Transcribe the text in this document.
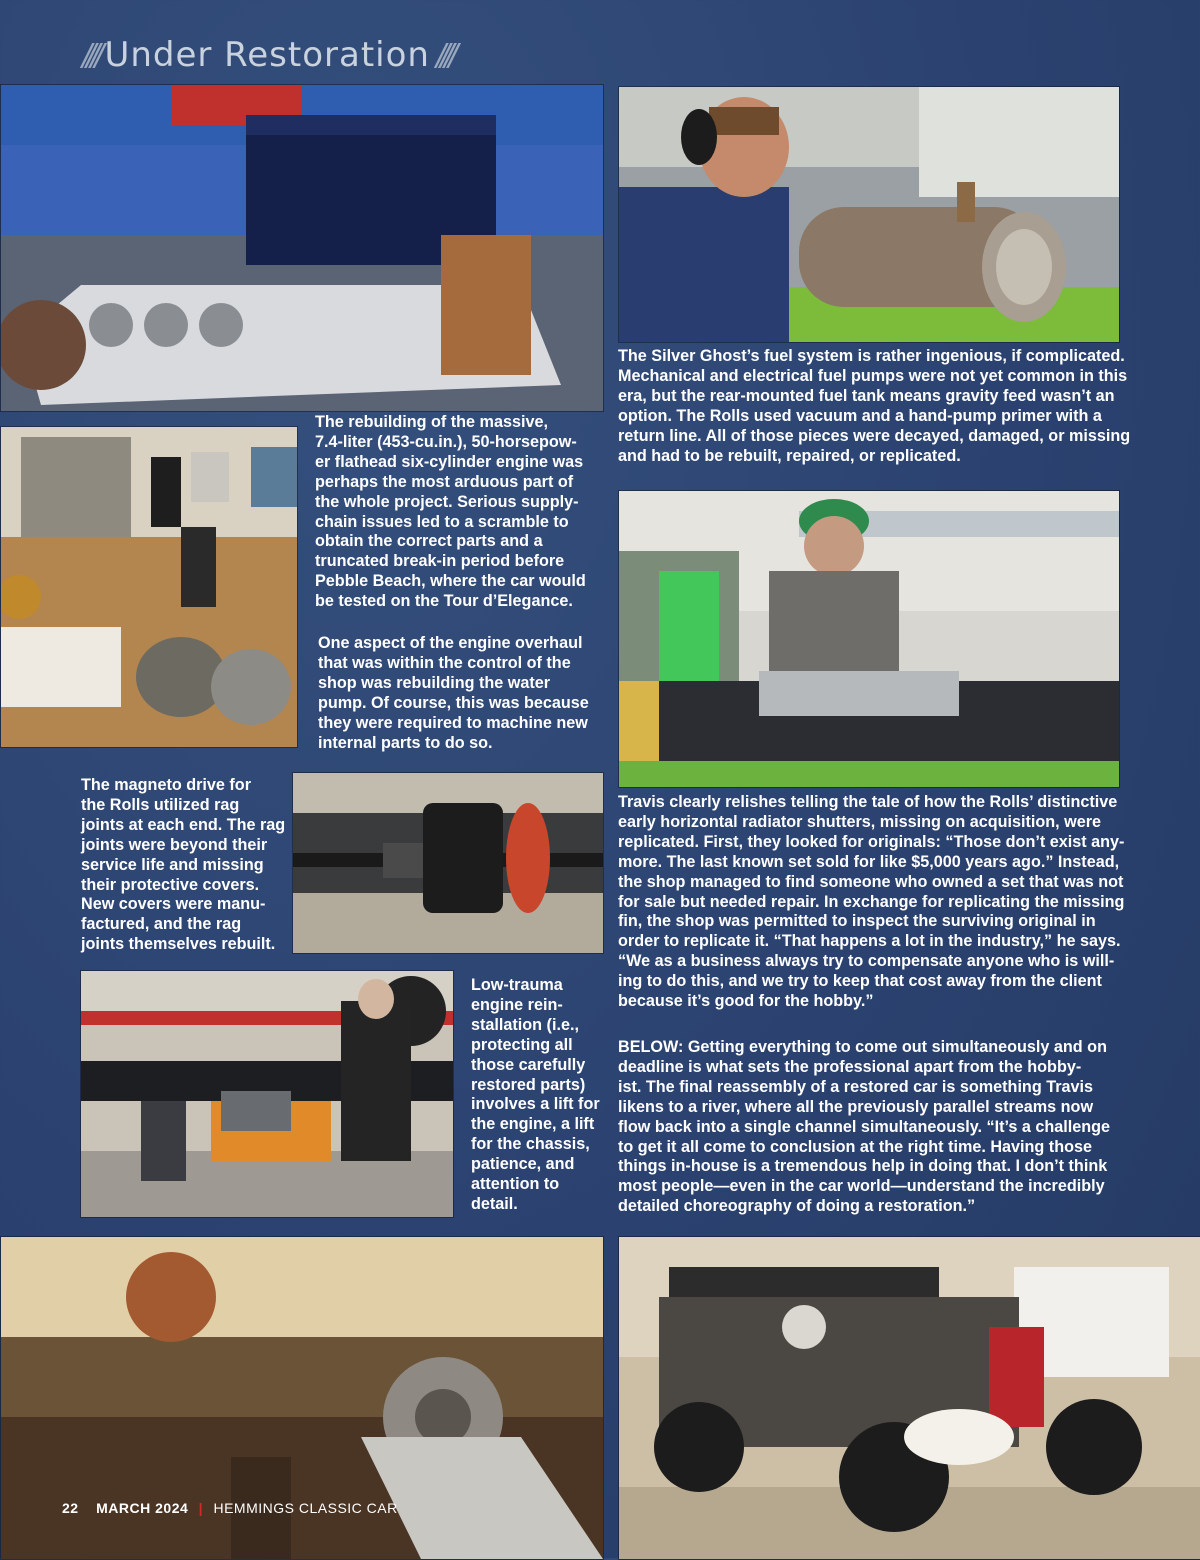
//// Under Restoration ////

The rebuilding of the massive,
7.4-liter (453-cu.in.), 50-horsepow-
er flathead six-cylinder engine was
perhaps the most arduous part of
the whole project. Serious supply-
chain issues led to a scramble to
obtain the correct parts and a
truncated break-in period before
Pebble Beach, where the car would
be tested on the Tour d’Elegance.

One aspect of the engine overhaul
that was within the control of the
shop was rebuilding the water
pump. Of course, this was because
they were required to machine new
internal parts to do so.

The Silver Ghost’s fuel system is rather ingenious, if complicated.
Mechanical and electrical fuel pumps were not yet common in this
era, but the rear-mounted fuel tank means gravity feed wasn’t an
option. The Rolls used vacuum and a hand-pump primer with a
return line. All of those pieces were decayed, damaged, or missing
and had to be rebuilt, repaired, or replicated.

The magneto drive for
the Rolls utilized rag
joints at each end. The rag
joints were beyond their
service life and missing
their protective covers.
New covers were manu-
factured, and the rag
joints themselves rebuilt.

Low-trauma
engine rein-
stallation (i.e.,
protecting all
those carefully
restored parts)
involves a lift for
the engine, a lift
for the chassis,
patience, and
attention to
detail.

Travis clearly relishes telling the tale of how the Rolls’ distinctive
early horizontal radiator shutters, missing on acquisition, were
replicated. First, they looked for originals: “Those don’t exist any-
more. The last known set sold for like $5,000 years ago.” Instead,
the shop managed to find someone who owned a set that was not
for sale but needed repair. In exchange for replicating the missing
fin, the shop was permitted to inspect the surviving original in
order to replicate it. “That happens a lot in the industry,” he says.
“We as a business always try to compensate anyone who is will-
ing to do this, and we try to keep that cost away from the client
because it’s good for the hobby.”

BELOW: Getting everything to come out simultaneously and on
deadline is what sets the professional apart from the hobby-
ist. The final reassembly of a restored car is something Travis
likens to a river, where all the previously parallel streams now
flow back into a single channel simultaneously. “It’s a challenge
to get it all come to conclusion at the right time. Having those
things in-house is a tremendous help in doing that. I don’t think
most people—even in the car world—understand the incredibly
detailed choreography of doing a restoration.”

22 MARCH 2024 | HEMMINGS CLASSIC CAR
